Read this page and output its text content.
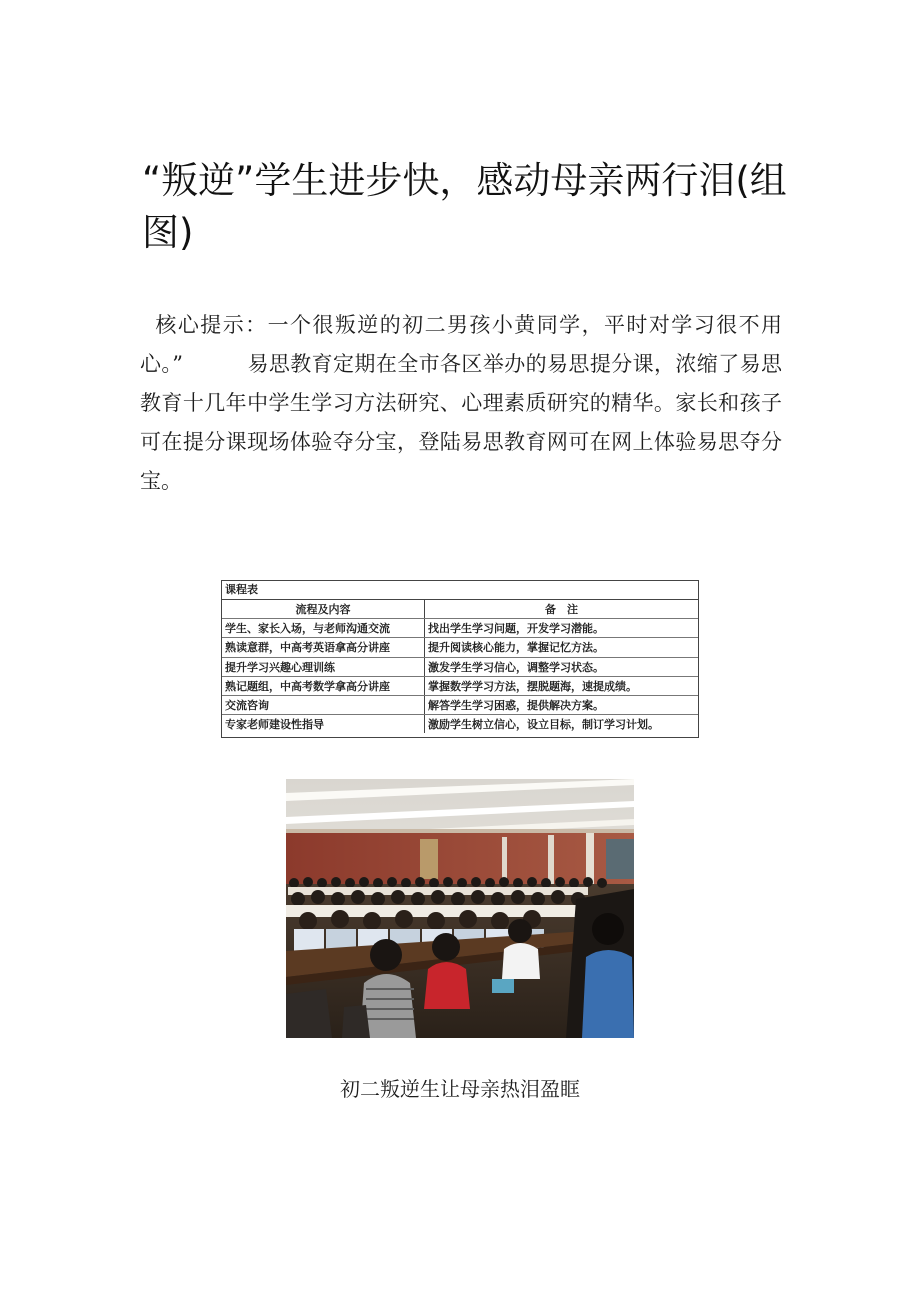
“叛逆”学生进步快，感动母亲两行泪(组图)

核心提示：一个很叛逆的初二男孩小黄同学，平时对学习很不用心。”	易思教育定期在全市各区举办的易思提分课，浓缩了易思教育十几年中学生学习方法研究、心理素质研究的精华。家长和孩子可在提分课现场体验夺分宝，登陆易思教育网可在网上体验易思夺分宝。

课程表
流程及内容	备　注
学生、家长入场，与老师沟通交流	找出学生学习问题，开发学习潜能。
熟读意群，中高考英语拿高分讲座	提升阅读核心能力，掌握记忆方法。
提升学习兴趣心理训练	激发学生学习信心，调整学习状态。
熟记题组，中高考数学拿高分讲座	掌握数学学习方法，摆脱题海，速提成绩。
交流咨询	解答学生学习困惑，提供解决方案。
专家老师建设性指导	激励学生树立信心，设立目标，制订学习计划。

初二叛逆生让母亲热泪盈眶
